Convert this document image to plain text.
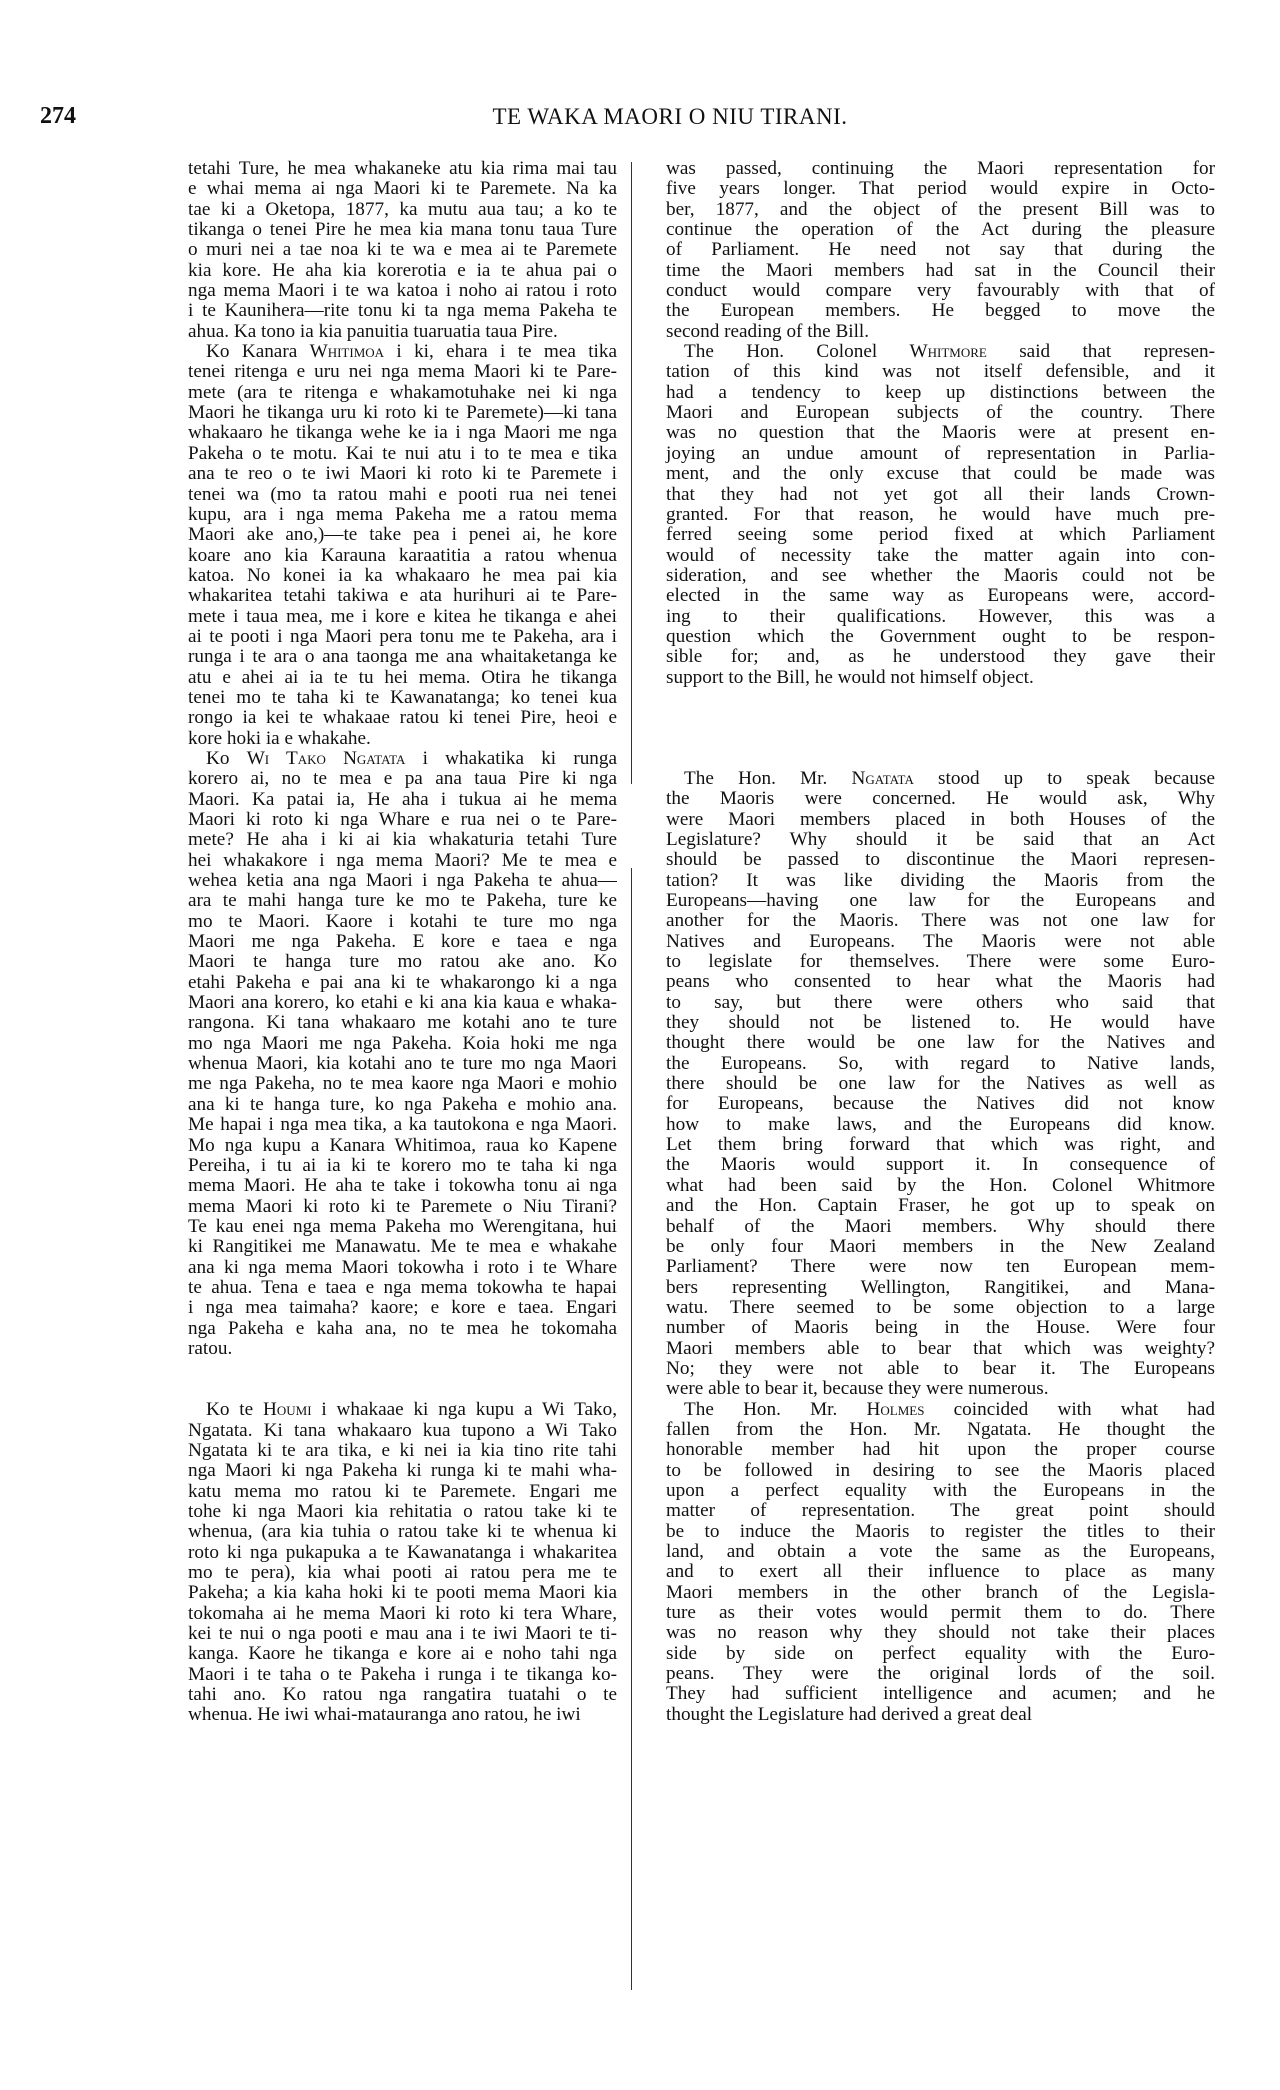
274	TE WAKA MAORI O NIU TIRANI.
tetahi Ture, he mea whakaneke atu kia rima mai tau
e whai mema ai nga Maori ki te Paremete. Na ka
tae ki a Oketopa, 1877, ka mutu aua tau; a ko te
tikanga o tenei Pire he mea kia mana tonu taua Ture
o muri nei a tae noa ki te wa e mea ai te Paremete
kia kore. He aha kia korerotia e ia te ahua pai o
nga mema Maori i te wa katoa i noho ai ratou i roto
i te Kaunihera—rite tonu ki ta nga mema Pakeha te
ahua. Ka tono ia kia panuitia tuaruatia taua Pire.
Ko Kanara Whitimoa i ki, ehara i te mea tika
tenei ritenga e uru nei nga mema Maori ki te Pare-
mete (ara te ritenga e whakamotuhake nei ki nga
Maori he tikanga uru ki roto ki te Paremete)—ki tana
whakaaro he tikanga wehe ke ia i nga Maori me nga
Pakeha o te motu. Kai te nui atu i to te mea e tika
ana te reo o te iwi Maori ki roto ki te Paremete i
tenei wa (mo ta ratou mahi e pooti rua nei tenei
kupu, ara i nga mema Pakeha me a ratou mema
Maori ake ano,)—te take pea i penei ai, he kore
koare ano kia Karauna karaatitia a ratou whenua
katoa. No konei ia ka whakaaro he mea pai kia
whakaritea tetahi takiwa e ata hurihuri ai te Pare-
mete i taua mea, me i kore e kitea he tikanga e ahei
ai te pooti i nga Maori pera tonu me te Pakeha, ara i
runga i te ara o ana taonga me ana whaitaketanga ke
atu e ahei ai ia te tu hei mema. Otira he tikanga
tenei mo te taha ki te Kawanatanga; ko tenei kua
rongo ia kei te whakaae ratou ki tenei Pire, heoi e
kore hoki ia e whakahe.
Ko Wi Tako Ngatata i whakatika ki runga
korero ai, no te mea e pa ana taua Pire ki nga
Maori. Ka patai ia, He aha i tukua ai he mema
Maori ki roto ki nga Whare e rua nei o te Pare-
mete? He aha i ki ai kia whakaturia tetahi Ture
hei whakakore i nga mema Maori? Me te mea e
wehea ketia ana nga Maori i nga Pakeha te ahua—
ara te mahi hanga ture ke mo te Pakeha, ture ke
mo te Maori. Kaore i kotahi te ture mo nga
Maori me nga Pakeha. E kore e taea e nga
Maori te hanga ture mo ratou ake ano. Ko
etahi Pakeha e pai ana ki te whakarongo ki a nga
Maori ana korero, ko etahi e ki ana kia kaua e whaka-
rangona. Ki tana whakaaro me kotahi ano te ture
mo nga Maori me nga Pakeha. Koia hoki me nga
whenua Maori, kia kotahi ano te ture mo nga Maori
me nga Pakeha, no te mea kaore nga Maori e mohio
ana ki te hanga ture, ko nga Pakeha e mohio ana.
Me hapai i nga mea tika, a ka tautokona e nga Maori.
Mo nga kupu a Kanara Whitimoa, raua ko Kapene
Pereiha, i tu ai ia ki te korero mo te taha ki nga
mema Maori. He aha te take i tokowha tonu ai nga
mema Maori ki roto ki te Paremete o Niu Tirani?
Te kau enei nga mema Pakeha mo Werengitana, hui
ki Rangitikei me Manawatu. Me te mea e whakahe
ana ki nga mema Maori tokowha i roto i te Whare
te ahua. Tena e taea e nga mema tokowha te hapai
i nga mea taimaha? kaore; e kore e taea. Engari
nga Pakeha e kaha ana, no te mea he tokomaha
ratou.
Ko te Houmi i whakaae ki nga kupu a Wi Tako,
Ngatata. Ki tana whakaaro kua tupono a Wi Tako
Ngatata ki te ara tika, e ki nei ia kia tino rite tahi
nga Maori ki nga Pakeha ki runga ki te mahi wha-
katu mema mo ratou ki te Paremete. Engari me
tohe ki nga Maori kia rehitatia o ratou take ki te
whenua, (ara kia tuhia o ratou take ki te whenua ki
roto ki nga pukapuka a te Kawanatanga i whakaritea
mo te pera), kia whai pooti ai ratou pera me te
Pakeha; a kia kaha hoki ki te pooti mema Maori kia
tokomaha ai he mema Maori ki roto ki tera Whare,
kei te nui o nga pooti e mau ana i te iwi Maori te ti-
kanga. Kaore he tikanga e kore ai e noho tahi nga
Maori i te taha o te Pakeha i runga i te tikanga ko-
tahi ano. Ko ratou nga rangatira tuatahi o te
whenua. He iwi whai-matauranga ano ratou, he iwi
was passed, continuing the Maori representation for
five years longer. That period would expire in Octo-
ber, 1877, and the object of the present Bill was to
continue the operation of the Act during the pleasure
of Parliament. He need not say that during the
time the Maori members had sat in the Council their
conduct would compare very favourably with that of
the European members. He begged to move the
second reading of the Bill.
The Hon. Colonel Whitmore said that represen-
tation of this kind was not itself defensible, and it
had a tendency to keep up distinctions between the
Maori and European subjects of the country. There
was no question that the Maoris were at present en-
joying an undue amount of representation in Parlia-
ment, and the only excuse that could be made was
that they had not yet got all their lands Crown-
granted. For that reason, he would have much pre-
ferred seeing some period fixed at which Parliament
would of necessity take the matter again into con-
sideration, and see whether the Maoris could not be
elected in the same way as Europeans were, accord-
ing to their qualifications. However, this was a
question which the Government ought to be respon-
sible for; and, as he understood they gave their
support to the Bill, he would not himself object.
The Hon. Mr. Ngatata stood up to speak because
the Maoris were concerned. He would ask, Why
were Maori members placed in both Houses of the
Legislature? Why should it be said that an Act
should be passed to discontinue the Maori represen-
tation? It was like dividing the Maoris from the
Europeans—having one law for the Europeans and
another for the Maoris. There was not one law for
Natives and Europeans. The Maoris were not able
to legislate for themselves. There were some Euro-
peans who consented to hear what the Maoris had
to say, but there were others who said that
they should not be listened to. He would have
thought there would be one law for the Natives and
the Europeans. So, with regard to Native lands,
there should be one law for the Natives as well as
for Europeans, because the Natives did not know
how to make laws, and the Europeans did know.
Let them bring forward that which was right, and
the Maoris would support it. In consequence of
what had been said by the Hon. Colonel Whitmore
and the Hon. Captain Fraser, he got up to speak on
behalf of the Maori members. Why should there
be only four Maori members in the New Zealand
Parliament? There were now ten European mem-
bers representing Wellington, Rangitikei, and Mana-
watu. There seemed to be some objection to a large
number of Maoris being in the House. Were four
Maori members able to bear that which was weighty?
No; they were not able to bear it. The Europeans
were able to bear it, because they were numerous.
The Hon. Mr. Holmes coincided with what had
fallen from the Hon. Mr. Ngatata. He thought the
honorable member had hit upon the proper course
to be followed in desiring to see the Maoris placed
upon a perfect equality with the Europeans in the
matter of representation. The great point should
be to induce the Maoris to register the titles to their
land, and obtain a vote the same as the Europeans,
and to exert all their influence to place as many
Maori members in the other branch of the Legisla-
ture as their votes would permit them to do. There
was no reason why they should not take their places
side by side on perfect equality with the Euro-
peans. They were the original lords of the soil.
They had sufficient intelligence and acumen; and he
thought the Legislature had derived a great deal
